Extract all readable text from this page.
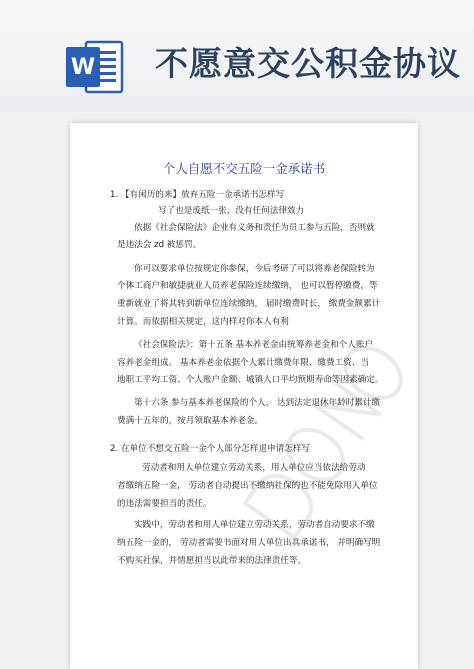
W 不愿意交公积金协议
个人自愿不交五险一金承诺书
1. 【有闲历的来】放弃五险一金承诺书怎样写
写了也是废纸一张，没有任何法律效力
依据《社会保险法》企业有义务和责任为员工参与五险，否则就
是违法会 zd 被惩罚。
你可以要求单位按规定你参保，今后考研了可以将养老保险转为
个体工商户和敏捷就业人员养老保险连续缴纳， 也可以暂停缴费，等
重新就业了将其转到新单位连续缴纳， 届时缴费时长， 缴费金额累计
计算。而依据相关规定，这内样对你本人有利
《社会保险法》：第十五条 基本养老金由统筹养老金和个人账户
容养老金组成。 基本养老金依据个人累计缴费年限、缴费工资、当
地职工平均工资、个人账户金额、城镇人口平均预期寿命等因素确定。
第十六条 参与基本养老保险的个人， 达到法定退休年龄时累计缴
费满十五年的，按月领取基本养老金。
2. 在单位不想交五险一金个人部分怎样退申请怎样写
劳动者和用人单位建立劳动关系，用人单位应当依法给劳动
者缴纳五险一金， 劳动者自动提出不缴纳社保的也不能免除用人单位
的违法需要担当的责任。
实践中，劳动者和用人单位建立劳动关系，劳动者自动要求不缴
纳五险一金的， 劳动者需要书面对用人单位出具承诺书， 并明确写明
不购买社保，并情愿担当以此带来的法律责任等。
